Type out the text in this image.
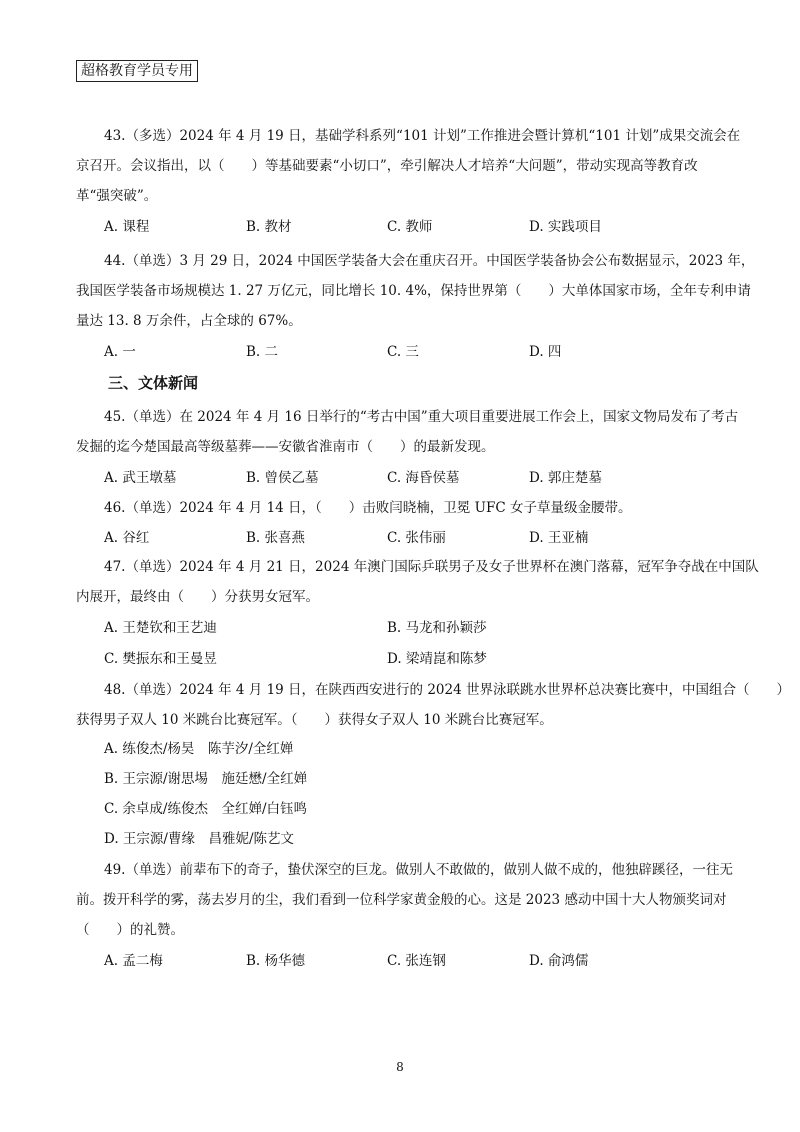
超格教育学员专用
43.（多选）2024 年 4 月 19 日，基础学科系列“101 计划”工作推进会暨计算机“101 计划”成果交流会在
京召开。会议指出，以（　　）等基础要素“小切口”，牵引解决人才培养“大问题”，带动实现高等教育改
革“强突破”。
A. 课程	B. 教材	C. 教师	D. 实践项目
44.（单选）3 月 29 日，2024 中国医学装备大会在重庆召开。中国医学装备协会公布数据显示，2023 年，
我国医学装备市场规模达 1. 27 万亿元，同比增长 10. 4%，保持世界第（　　）大单体国家市场，全年专利申请
量达 13. 8 万余件，占全球的 67%。
A. 一	B. 二	C. 三	D. 四
三、文体新闻
45.（单选）在 2024 年 4 月 16 日举行的“考古中国”重大项目重要进展工作会上，国家文物局发布了考古
发掘的迄今楚国最高等级墓葬——安徽省淮南市（　　）的最新发现。
A. 武王墩墓	B. 曾侯乙墓	C. 海昏侯墓	D. 郭庄楚墓
46.（单选）2024 年 4 月 14 日，（　　）击败闫晓楠，卫冕 UFC 女子草量级金腰带。
A. 谷红	B. 张喜燕	C. 张伟丽	D. 王亚楠
47.（单选）2024 年 4 月 21 日，2024 年澳门国际乒联男子及女子世界杯在澳门落幕，冠军争夺战在中国队
内展开，最终由（　　）分获男女冠军。
A. 王楚钦和王艺迪	B. 马龙和孙颖莎
C. 樊振东和王曼昱	D. 梁靖崑和陈梦
48.（单选）2024 年 4 月 19 日，在陕西西安进行的 2024 世界泳联跳水世界杯总决赛比赛中，中国组合（　　）
获得男子双人 10 米跳台比赛冠军。（　　）获得女子双人 10 米跳台比赛冠军。
A. 练俊杰/杨昊　陈芋汐/全红婵
B. 王宗源/谢思埸　施廷懋/全红婵
C. 余卓成/练俊杰　全红婵/白钰鸣
D. 王宗源/曹缘　昌雅妮/陈艺文
49.（单选）前辈布下的奇子，蛰伏深空的巨龙。做别人不敢做的，做别人做不成的，他独辟蹊径，一往无
前。拨开科学的雾，荡去岁月的尘，我们看到一位科学家黄金般的心。这是 2023 感动中国十大人物颁奖词对
（　　）的礼赞。
A. 孟二梅	B. 杨华德	C. 张连钢	D. 俞鸿儒
8
